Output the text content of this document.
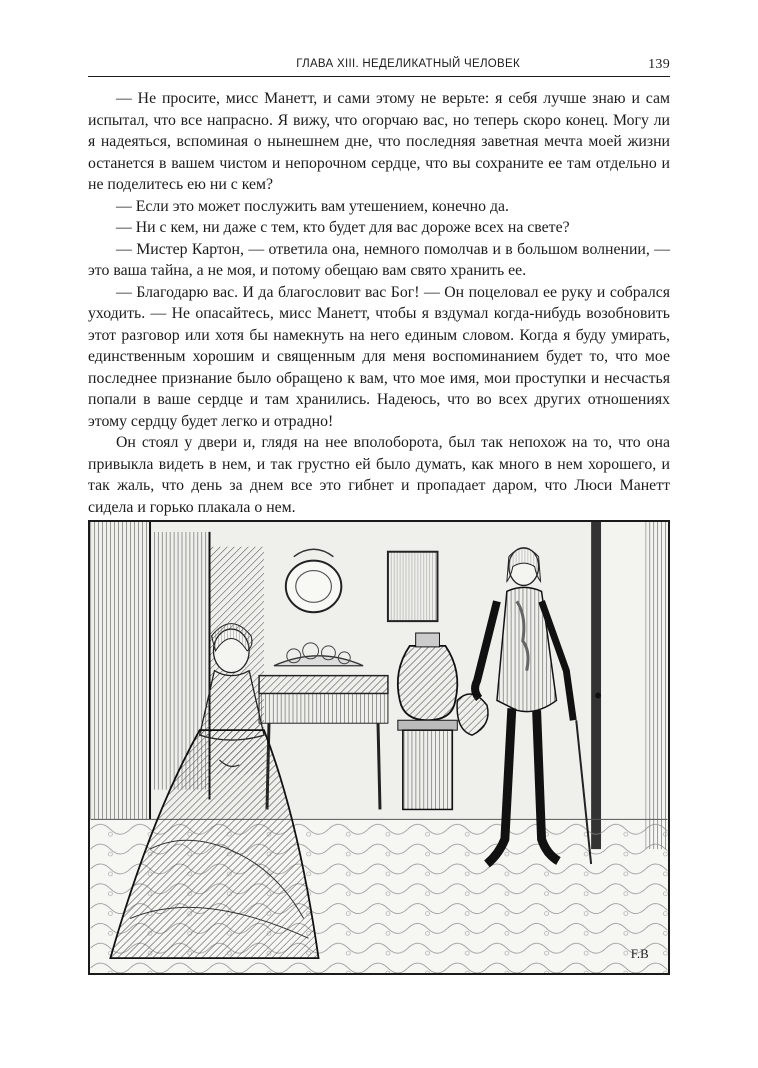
ГЛАВА XIII. НЕДЕЛИКАТНЫЙ ЧЕЛОВЕК	139

— Не просите, мисс Манетт, и сами этому не верьте: я себя лучше знаю и сам испытал, что все напрасно. Я вижу, что огорчаю вас, но теперь скоро конец. Могу ли я надеяться, вспоминая о нынешнем дне, что последняя заветная мечта моей жизни останется в вашем чистом и непорочном сердце, что вы сохраните ее там отдельно и не поделитесь ею ни с кем?

— Если это может послужить вам утешением, конечно да.

— Ни с кем, ни даже с тем, кто будет для вас дороже всех на свете?

— Мистер Картон, — ответила она, немного помолчав и в большом волнении, — это ваша тайна, а не моя, и потому обещаю вам свято хранить ее.

— Благодарю вас. И да благословит вас Бог! — Он поцеловал ее руку и собрался уходить. — Не опасайтесь, мисс Манетт, чтобы я вздумал когда-нибудь возобновить этот разговор или хотя бы намекнуть на него единым словом. Когда я буду умирать, единственным хорошим и священным для меня воспоминанием будет то, что мое последнее признание было обращено к вам, что мое имя, мои проступки и несчастья попали в ваше сердце и там хранились. Надеюсь, что во всех других отношениях этому сердцу будет легко и отрадно!

Он стоял у двери и, глядя на нее вполоборота, был так непохож на то, что она привыкла видеть в нем, и так грустно ей было думать, как много в нем хорошего, и так жаль, что день за днем все это гибнет и пропадает даром, что Люси Манетт сидела и горько плакала о нем.

F.B
